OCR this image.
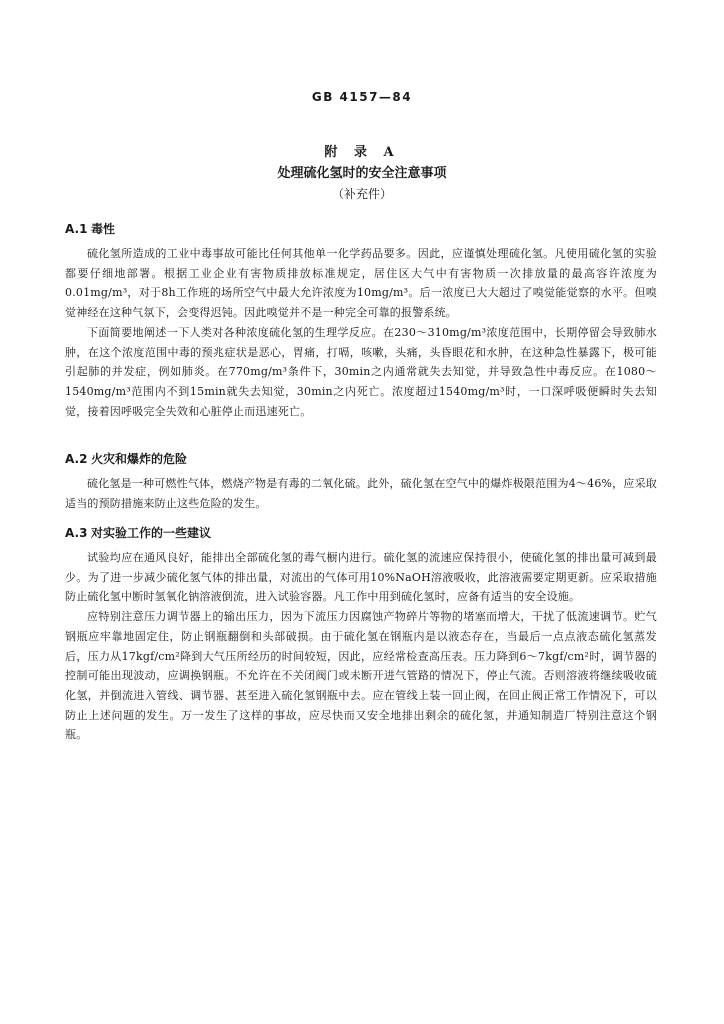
GB 4157—84
附 录 A
处理硫化氢时的安全注意事项
（补充件）
A.1 毒性

硫化氢所造成的工业中毒事故可能比任何其他单一化学药品要多。因此，应谨慎处理硫化氢。凡使用硫化氢的实验都要仔细地部署。根据工业企业有害物质排放标准规定，居住区大气中有害物质一次排放量的最高容许浓度为0.01mg/m³，对于8h工作班的场所空气中最大允许浓度为10mg/m³。后一浓度已大大超过了嗅觉能觉察的水平。但嗅觉神经在这种气氛下，会变得迟钝。因此嗅觉并不是一种完全可靠的报警系统。

下面简要地阐述一下人类对各种浓度硫化氢的生理学反应。在230～310mg/m³浓度范围中，长期停留会导致肺水肿，在这个浓度范围中毒的预兆症状是恶心，胃痛，打嗝，咳嗽，头痛，头昏眼花和水肿，在这种急性暴露下，极可能引起肺的并发症，例如肺炎。在770mg/m³条件下，30min之内通常就失去知觉，并导致急性中毒反应。在1080～1540mg/m³范围内不到15min就失去知觉，30min之内死亡。浓度超过1540mg/m³时，一口深呼吸便瞬时失去知觉，接着因呼吸完全失效和心脏停止而迅速死亡。

A.2 火灾和爆炸的危险

硫化氢是一种可燃性气体，燃烧产物是有毒的二氧化硫。此外，硫化氢在空气中的爆炸极限范围为4～46%，应采取适当的预防措施来防止这些危险的发生。

A.3 对实验工作的一些建议

试验均应在通风良好，能排出全部硫化氢的毒气橱内进行。硫化氢的流速应保持很小，使硫化氢的排出量可减到最少。为了进一步减少硫化氢气体的排出量，对流出的气体可用10%NaOH溶液吸收，此溶液需要定期更新。应采取措施防止硫化氢中断时氢氧化钠溶液倒流，进入试验容器。凡工作中用到硫化氢时，应备有适当的安全设施。

应特别注意压力调节器上的输出压力，因为下流压力因腐蚀产物碎片等物的堵塞而增大，干扰了低流速调节。贮气钢瓶应牢靠地固定住，防止钢瓶翻倒和头部破损。由于硫化氢在钢瓶内是以液态存在，当最后一点点液态硫化氢蒸发后，压力从17kgf/cm²降到大气压所经历的时间较短，因此，应经常检查高压表。压力降到6～7kgf/cm²时，调节器的控制可能出现波动，应调换钢瓶。不允许在不关闭阀门或未断开进气管路的情况下，停止气流。否则溶液将继续吸收硫化氢，并倒流进入管线、调节器、甚至进入硫化氢钢瓶中去。应在管线上装一回止阀，在回止阀正常工作情况下，可以防止上述问题的发生。万一发生了这样的事故，应尽快而又安全地排出剩余的硫化氢，并通知制造厂特别注意这个钢瓶。
